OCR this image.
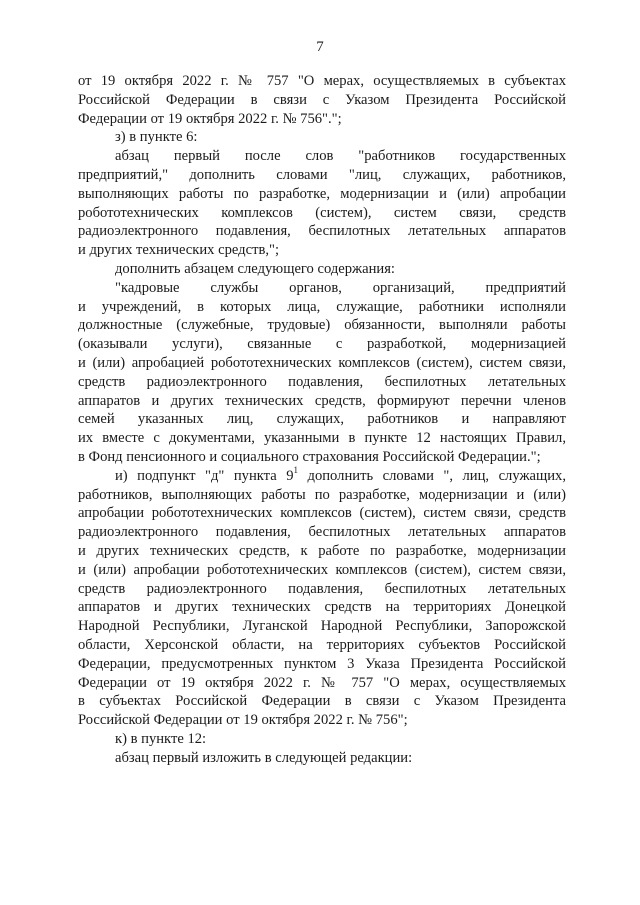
7
от 19 октября 2022 г. № 757 "О мерах, осуществляемых в субъектах
Российской Федерации в связи с Указом Президента Российской
Федерации от 19 октября 2022 г. № 756".";
з) в пункте 6:
абзац первый после слов "работников государственных
предприятий," дополнить словами "лиц, служащих, работников,
выполняющих работы по разработке, модернизации и (или) апробации
робототехнических комплексов (систем), систем связи, средств
радиоэлектронного подавления, беспилотных летательных аппаратов
и других технических средств,";
дополнить абзацем следующего содержания:
"кадровые службы органов, организаций, предприятий
и учреждений, в которых лица, служащие, работники исполняли
должностные (служебные, трудовые) обязанности, выполняли работы
(оказывали услуги), связанные с разработкой, модернизацией
и (или) апробацией робототехнических комплексов (систем), систем связи,
средств радиоэлектронного подавления, беспилотных летательных
аппаратов и других технических средств, формируют перечни членов
семей указанных лиц, служащих, работников и направляют
их вместе с документами, указанными в пункте 12 настоящих Правил,
в Фонд пенсионного и социального страхования Российской Федерации.";
и) подпункт "д" пункта $9^1$ дополнить словами ", лиц, служащих,
работников, выполняющих работы по разработке, модернизации и (или)
апробации робототехнических комплексов (систем), систем связи, средств
радиоэлектронного подавления, беспилотных летательных аппаратов
и других технических средств, к работе по разработке, модернизации
и (или) апробации робототехнических комплексов (систем), систем связи,
средств радиоэлектронного подавления, беспилотных летательных
аппаратов и других технических средств на территориях Донецкой
Народной Республики, Луганской Народной Республики, Запорожской
области, Херсонской области, на территориях субъектов Российской
Федерации, предусмотренных пунктом 3 Указа Президента Российской
Федерации от 19 октября 2022 г. № 757 "О мерах, осуществляемых
в субъектах Российской Федерации в связи с Указом Президента
Российской Федерации от 19 октября 2022 г. № 756";
к) в пункте 12:
абзац первый изложить в следующей редакции:
